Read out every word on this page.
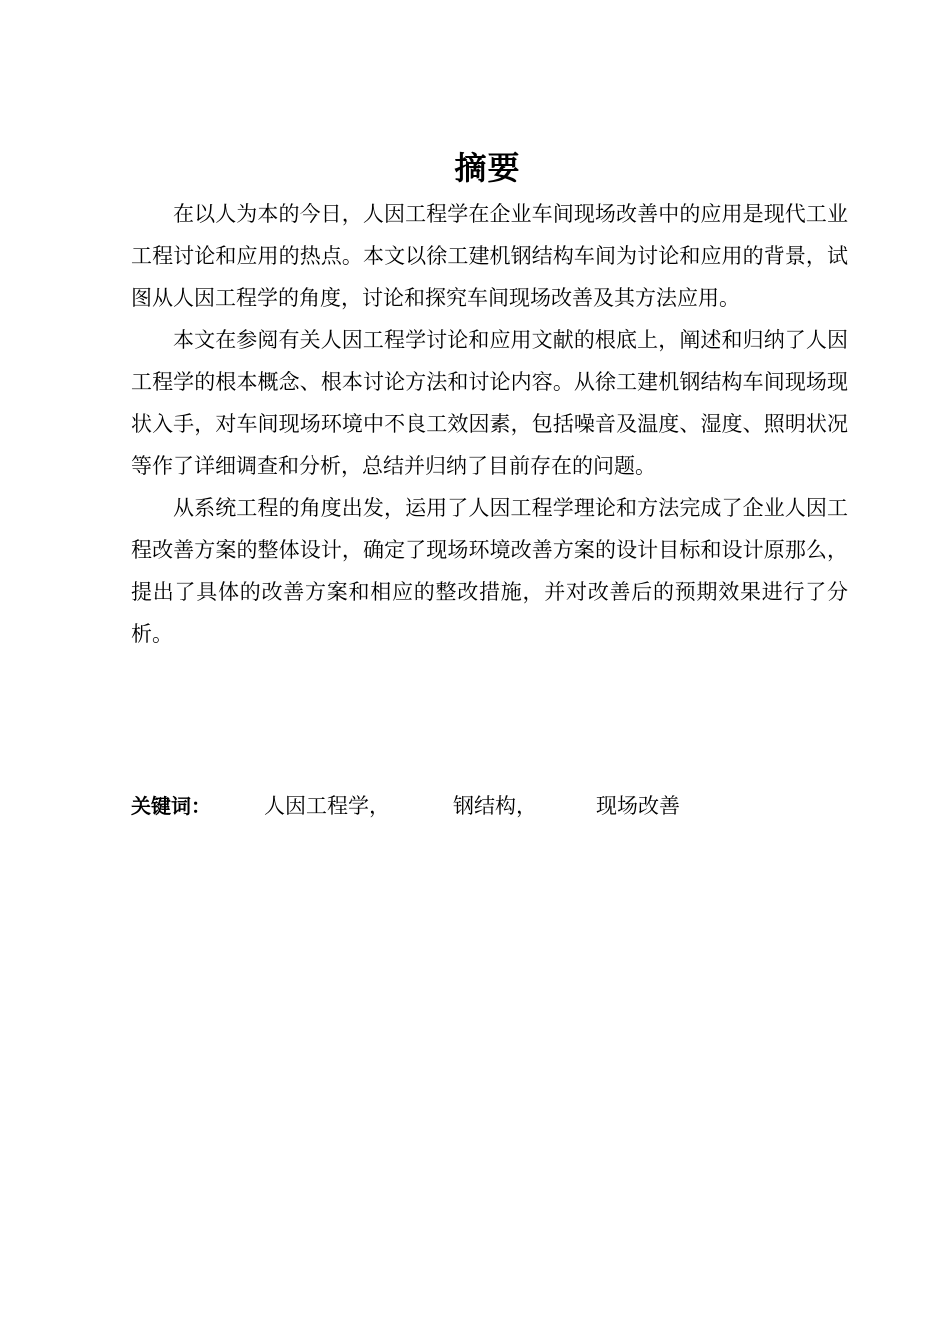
摘要

在以人为本的今日，人因工程学在企业车间现场改善中的应用是现代工业工程讨论和应用的热点。本文以徐工建机钢结构车间为讨论和应用的背景，试图从人因工程学的角度，讨论和探究车间现场改善及其方法应用。

本文在参阅有关人因工程学讨论和应用文献的根底上，阐述和归纳了人因工程学的根本概念、根本讨论方法和讨论内容。从徐工建机钢结构车间现场现状入手，对车间现场环境中不良工效因素，包括噪音及温度、湿度、照明状况等作了详细调查和分析，总结并归纳了目前存在的问题。

从系统工程的角度出发，运用了人因工程学理论和方法完成了企业人因工程改善方案的整体设计，确定了现场环境改善方案的设计目标和设计原那么，提出了具体的改善方案和相应的整改措施，并对改善后的预期效果进行了分析。

关键词：	人因工程学，	钢结构，	现场改善
